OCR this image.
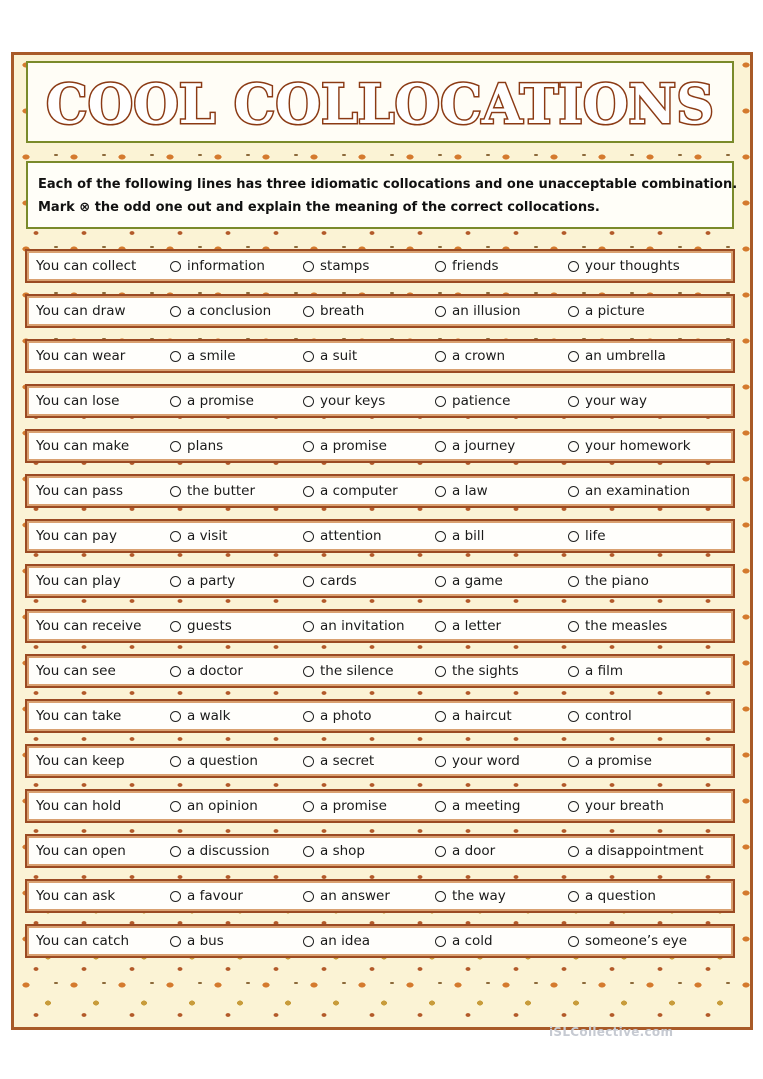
COOL COLLOCATIONS
Each of the following lines has three idiomatic collocations and one unacceptable combination.
Mark ⊗ the odd one out and explain the meaning of the correct collocations.
You can collect	information	stamps	friends	your thoughts
You can draw	a conclusion	breath	an illusion	a picture
You can wear	a smile	a suit	a crown	an umbrella
You can lose	a promise	your keys	patience	your way
You can make	plans	a promise	a journey	your homework
You can pass	the butter	a computer	a law	an examination
You can pay	a visit	attention	a bill	life
You can play	a party	cards	a game	the piano
You can receive	guests	an invitation	a letter	the measles
You can see	a doctor	the silence	the sights	a film
You can take	a walk	a photo	a haircut	control
You can keep	a question	a secret	your word	a promise
You can hold	an opinion	a promise	a meeting	your breath
You can open	a discussion	a shop	a door	a disappointment
You can ask	a favour	an answer	the way	a question
You can catch	a bus	an idea	a cold	someone’s eye
iSLCollective.com
